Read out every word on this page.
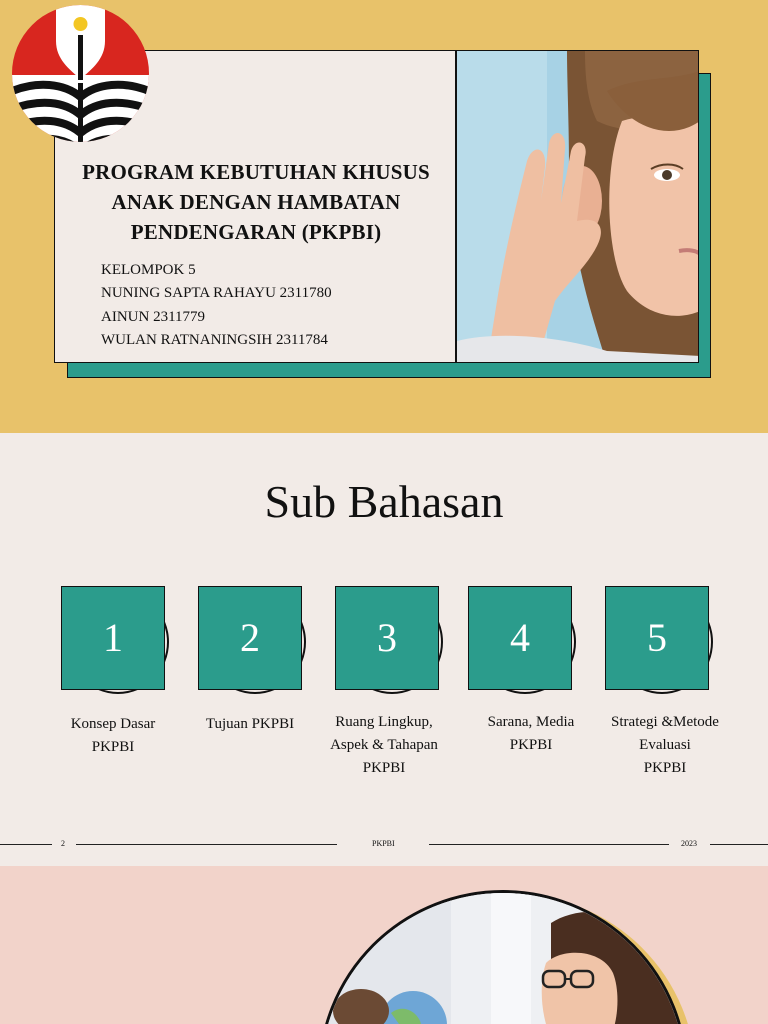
PROGRAM KEBUTUHAN KHUSUS
ANAK DENGAN HAMBATAN
PENDENGARAN (PKPBI)
KELOMPOK 5
NUNING SAPTA RAHAYU 2311780
AINUN 2311779
WULAN RATNANINGSIH 2311784
Sub Bahasan
1	2	3	4	5
Konsep Dasar
PKPBI
Tujuan PKPBI	Ruang Lingkup,
Aspek & Tahapan
PKPBI
Sarana, Media
PKPBI
Strategi &Metode
Evaluasi
PKPBI
2	PKPBI	2023
